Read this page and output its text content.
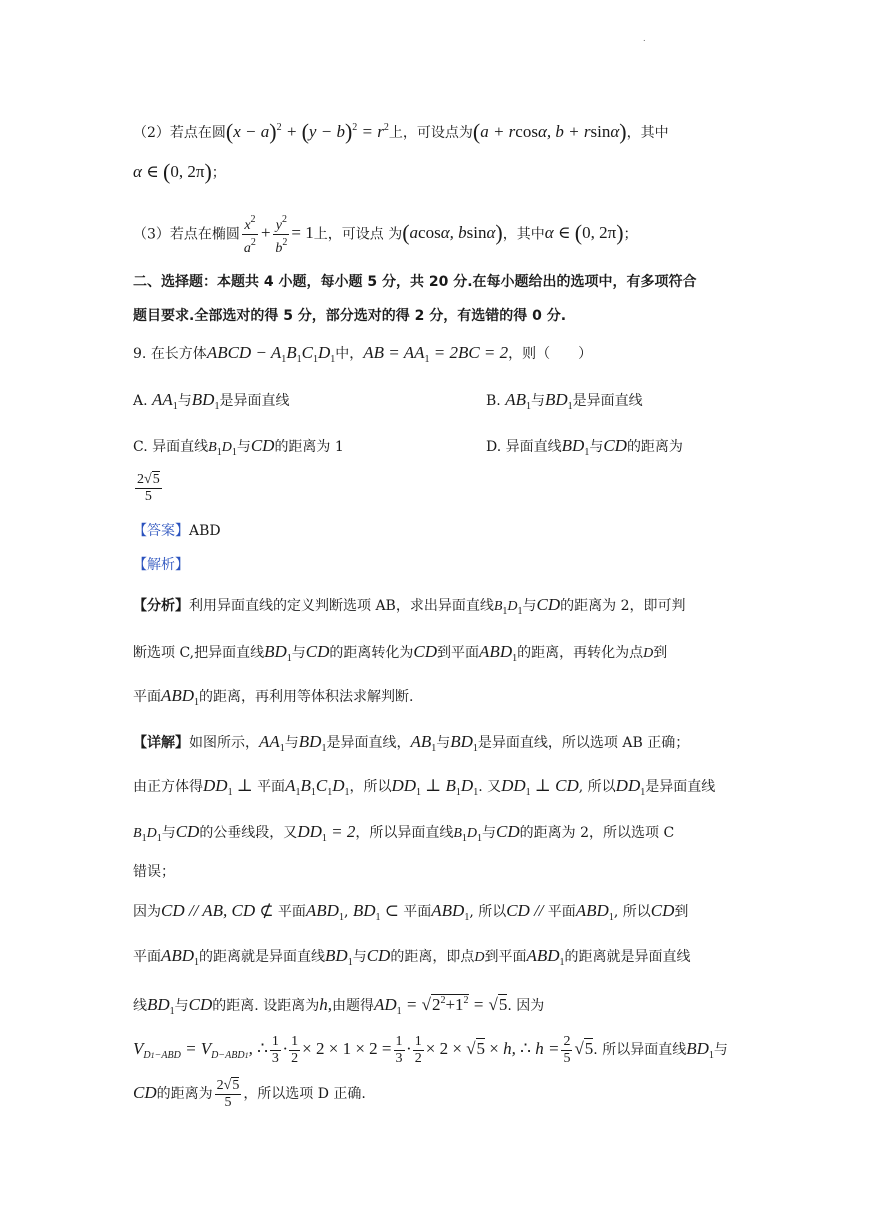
.
（2）若点在圆$(x - a)^2 + (y - b)^2 = r^2$上，可设点为(a + rcosα, b + rsinα)，其中
α ∈ (0, 2π)；
（3）若点在椭圆 $\frac{x^2}{a^2} + \frac{y^2}{b^2} = 1$上，可设点 为(acosα, bsinα)，其中α ∈ (0, 2π)；
二、选择题：本题共 4 小题，每小题 5 分，共 20 分.在每小题给出的选项中，有多项符合
题目要求.全部选对的得 5 分，部分选对的得 2 分，有选错的得 0 分.
9. 在长方体ABCD − $A_1B_1C_1D_1$中，AB = $AA_1 = 2BC = 2$，则（　　）
A. $AA_1$与$BD_1$是异面直线	B. $AB_1$与$BD_1$是异面直线
C. 异面直线$B_1D_1$与CD的距离为 1	D. 异面直线$BD_1$与CD的距离为
$\frac{2√5}{5}$
【答案】ABD
【解析】
【分析】利用异面直线的定义判断选项 AB，求出异面直线$B_1D_1$与CD的距离为 2，即可判
断选项 C,把异面直线$BD_1$与CD的距离转化为CD到平面$ABD_1$的距离，再转化为点D到
平面$ABD_1$的距离，再利用等体积法求解判断.
【详解】如图所示，$AA_1$与$BD_1$是异面直线，$AB_1$与$BD_1$是异面直线，所以选项 AB 正确；
由正方体得$DD_1$ ⊥ 平面$A_1B_1C_1D_1$，所以$DD_1$ ⊥ $B_1D_1$. 又$DD_1$ ⊥ CD, 所以$DD_1$是异面直线
$B_1D_1$与CD的公垂线段，又$DD_1 = 2$，所以异面直线$B_1D_1$与CD的距离为 2，所以选项 C
错误；
因为CD // AB, CD ⊄ 平面$ABD_1$, $BD_1$ ⊂ 平面$ABD_1$, 所以CD // 平面$ABD_1$, 所以CD到
平面$ABD_1$的距离就是异面直线$BD_1$与CD的距离，即点D到平面$ABD_1$的距离就是异面直线
线$BD_1$与CD的距离. 设距离为h,由题得$AD_1 = √2^2+1^2 = √5$. 因为
$V_{D1-ABD} = V_{D-ABD1}$, ∴ $\frac{1}{3} \cdot \frac{1}{2} \times 2 \times 1 \times 2 = \frac{1}{3} \cdot \frac{1}{2} \times 2 \times √5 \times h$, ∴ $h = \frac{2}{5} √5$. 所以异面直线$BD_1$与
CD的距离为 $\frac{2√5}{5}$ ，所以选项 D 正确.
